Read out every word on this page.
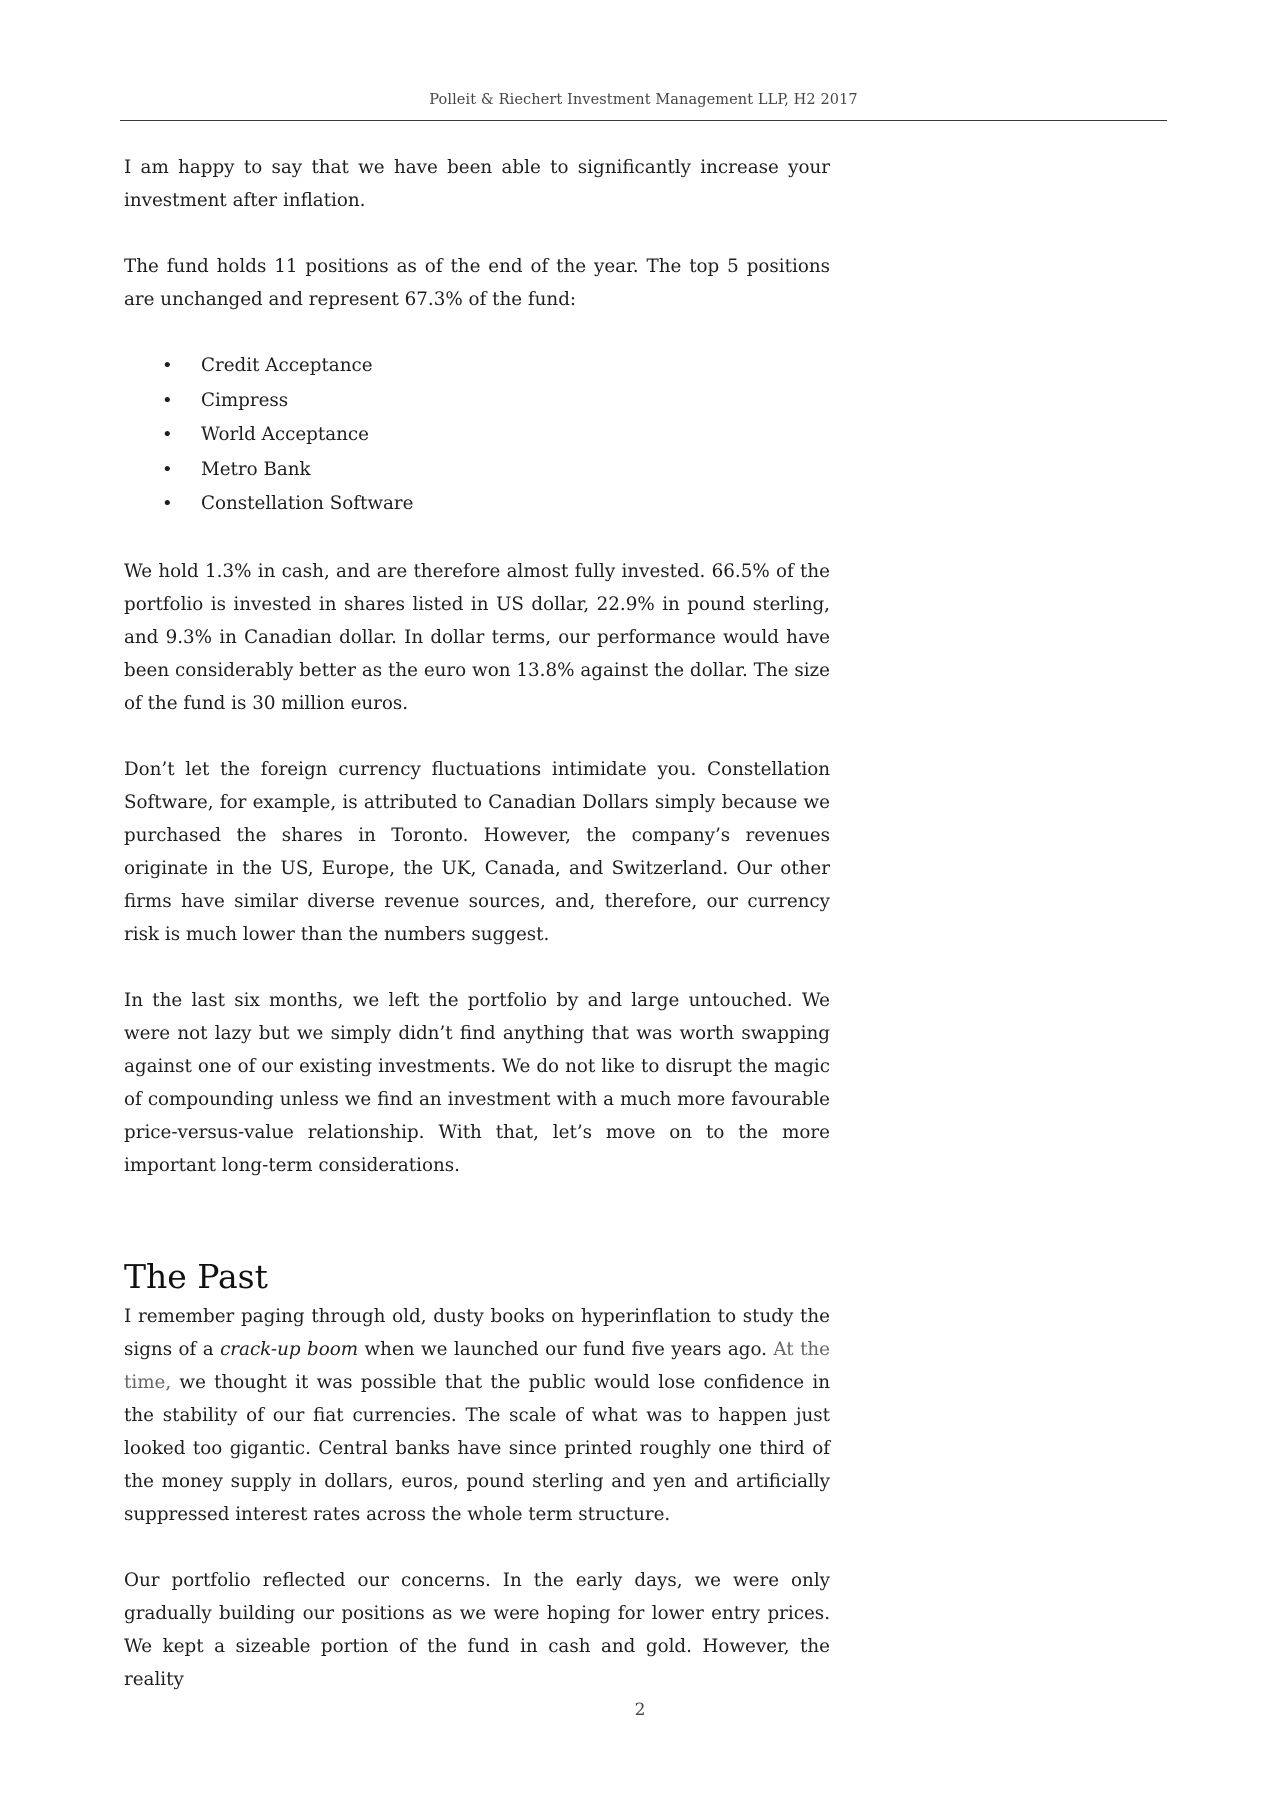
Polleit & Riechert Investment Management LLP, H2 2017

I am happy to say that we have been able to significantly increase your investment after inflation.

The fund holds 11 positions as of the end of the year. The top 5 positions are unchanged and represent 67.3% of the fund:

• Credit Acceptance
• Cimpress
• World Acceptance
• Metro Bank
• Constellation Software

We hold 1.3% in cash, and are therefore almost fully invested. 66.5% of the portfolio is invested in shares listed in US dollar, 22.9% in pound sterling, and 9.3% in Canadian dollar. In dollar terms, our performance would have been considerably better as the euro won 13.8% against the dollar. The size of the fund is 30 million euros.

Don’t let the foreign currency fluctuations intimidate you. Constellation Software, for example, is attributed to Canadian Dollars simply because we purchased the shares in Toronto. However, the company’s revenues originate in the US, Europe, the UK, Canada, and Switzerland. Our other firms have similar diverse revenue sources, and, therefore, our currency risk is much lower than the numbers suggest.

In the last six months, we left the portfolio by and large untouched. We were not lazy but we simply didn’t find anything that was worth swapping against one of our existing investments. We do not like to disrupt the magic of compounding unless we find an investment with a much more favourable price-versus-value relationship. With that, let’s move on to the more important long-term considerations.

The Past

I remember paging through old, dusty books on hyperinflation to study the signs of a crack-up boom when we launched our fund five years ago. At the time, we thought it was possible that the public would lose confidence in the stability of our fiat currencies. The scale of what was to happen just looked too gigantic. Central banks have since printed roughly one third of the money supply in dollars, euros, pound sterling and yen and artificially suppressed interest rates across the whole term structure.

Our portfolio reflected our concerns. In the early days, we were only gradually building our positions as we were hoping for lower entry prices. We kept a sizeable portion of the fund in cash and gold. However, the reality

2
